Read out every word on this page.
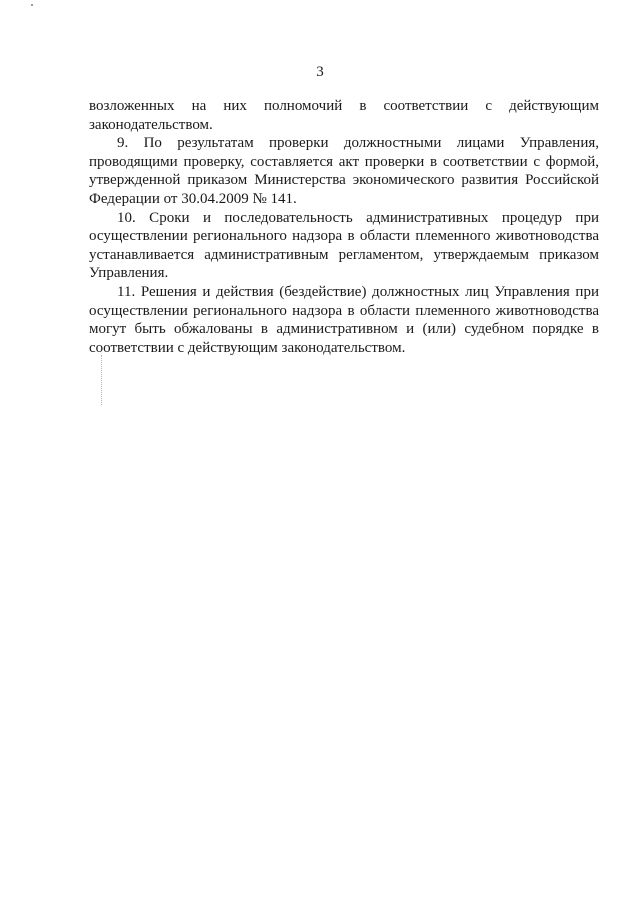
3

возложенных на них полномочий в соответствии с действующим законодательством.

9. По результатам проверки должностными лицами Управления, проводящими проверку, составляется акт проверки в соответствии с формой, утвержденной приказом Министерства экономического развития Российской Федерации от 30.04.2009 № 141.

10. Сроки и последовательность административных процедур при осуществлении регионального надзора в области племенного животноводства устанавливается административным регламентом, утверждаемым приказом Управления.

11. Решения и действия (бездействие) должностных лиц Управления при осуществлении регионального надзора в области племенного животноводства могут быть обжалованы в административном и (или) судебном порядке в соответствии с действующим законодательством.
